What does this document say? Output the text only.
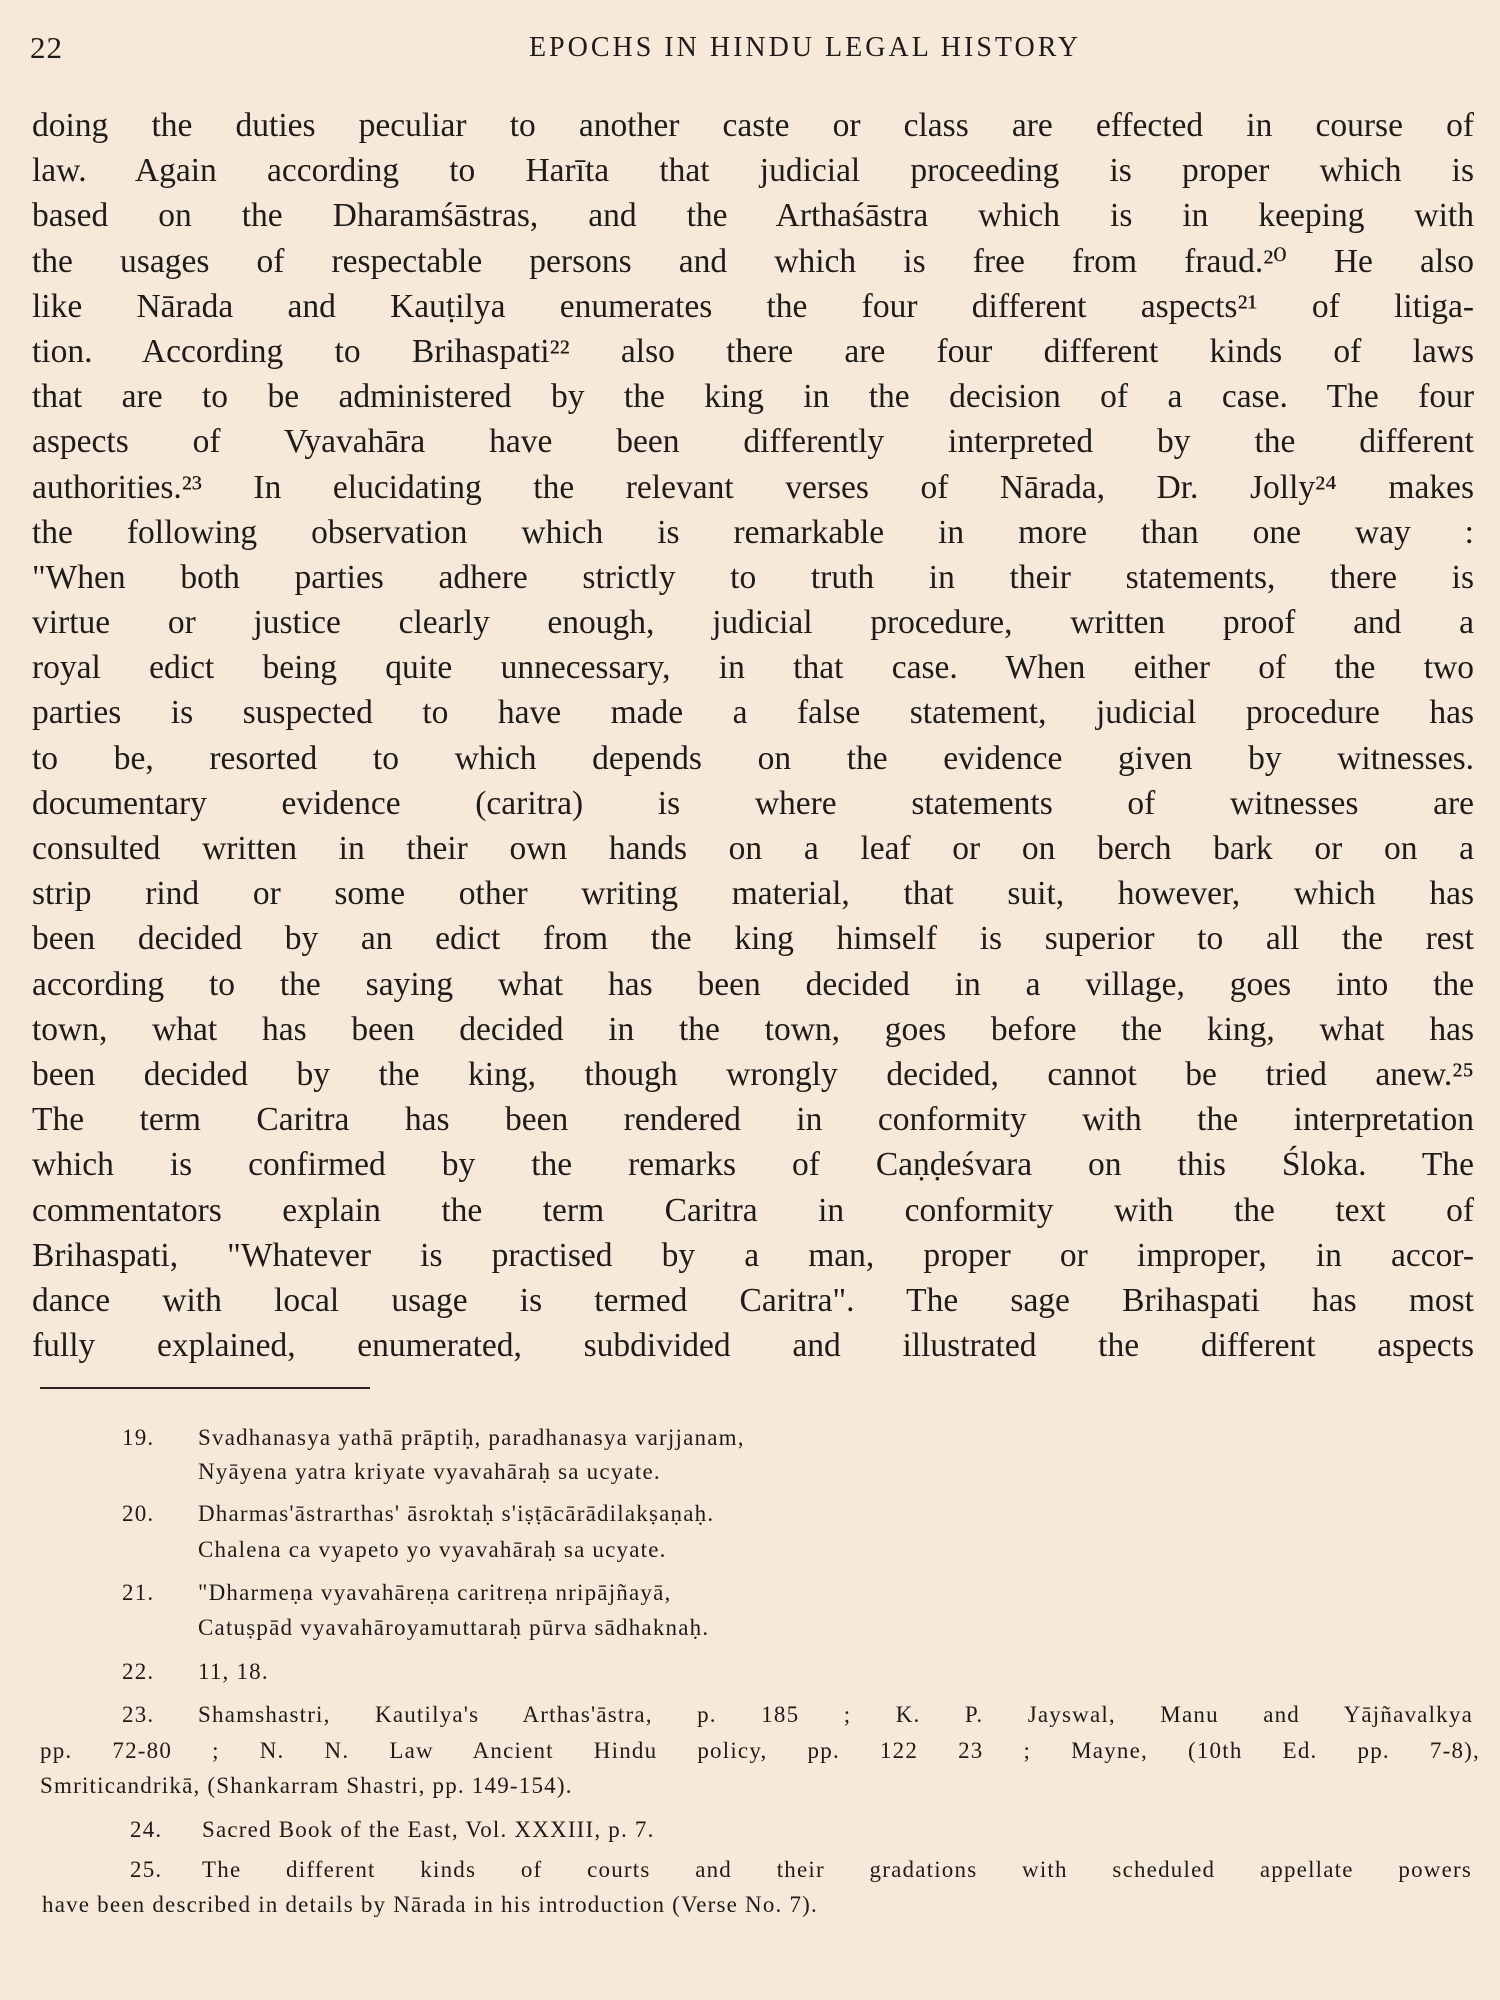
22	EPOCHS IN HINDU LEGAL HISTORY
doing the duties peculiar to another caste or class are effected in course of
law. Again according to Harīta that judicial proceeding is proper which is
based on the Dharamśāstras, and the Arthaśāstra which is in keeping with
the usages of respectable persons and which is free from fraud.²⁰ He also
like Nārada and Kauṭilya enumerates the four different aspects²¹ of litiga-
tion. According to Brihaspati²² also there are four different kinds of laws
that are to be administered by the king in the decision of a case. The four
aspects of Vyavahāra have been differently interpreted by the different
authorities.²³ In elucidating the relevant verses of Nārada, Dr. Jolly²⁴ makes
the following observation which is remarkable in more than one way :
"When both parties adhere strictly to truth in their statements, there is
virtue or justice clearly enough, judicial procedure, written proof and a
royal edict being quite unnecessary, in that case. When either of the two
parties is suspected to have made a false statement, judicial procedure has
to be, resorted to which depends on the evidence given by witnesses.
documentary evidence (caritra) is where statements of witnesses are
consulted written in their own hands on a leaf or on berch bark or on a
strip rind or some other writing material, that suit, however, which has
been decided by an edict from the king himself is superior to all the rest
according to the saying what has been decided in a village, goes into the
town, what has been decided in the town, goes before the king, what has
been decided by the king, though wrongly decided, cannot be tried anew.²⁵
The term Caritra has been rendered in conformity with the interpretation
which is confirmed by the remarks of Caṇḍeśvara on this Śloka. The
commentators explain the term Caritra in conformity with the text of
Brihaspati, "Whatever is practised by a man, proper or improper, in accor-
dance with local usage is termed Caritra". The sage Brihaspati has most
fully explained, enumerated, subdivided and illustrated the different aspects
19. Svadhanasya yathā prāptiḥ, paradhanasya varjjanam,
Nyāyena yatra kriyate vyavahāraḥ sa ucyate.
20. Dharmas'āstrarthas' āsroktaḥ s'iṣṭācārādilakṣaṇaḥ.
Chalena ca vyapeto yo vyavahāraḥ sa ucyate.
21. "Dharmeṇa vyavahāreṇa caritreṇa nripājñayā,
Catuṣpād vyavahāroyamuttaraḥ pūrva sādhaknaḥ.
22. 11, 18.
23. Shamshastri, Kautilya's Arthas'āstra, p. 185 ; K. P. Jayswal, Manu and Yājñavalkya
pp. 72-80 ; N. N. Law Ancient Hindu policy, pp. 122 23 ; Mayne, (10th Ed. pp. 7-8),
Smriticandrikā, (Shankarram Shastri, pp. 149-154).
24. Sacred Book of the East, Vol. XXXIII, p. 7.
25. The different kinds of courts and their gradations with scheduled appellate powers
have been described in details by Nārada in his introduction (Verse No. 7).
